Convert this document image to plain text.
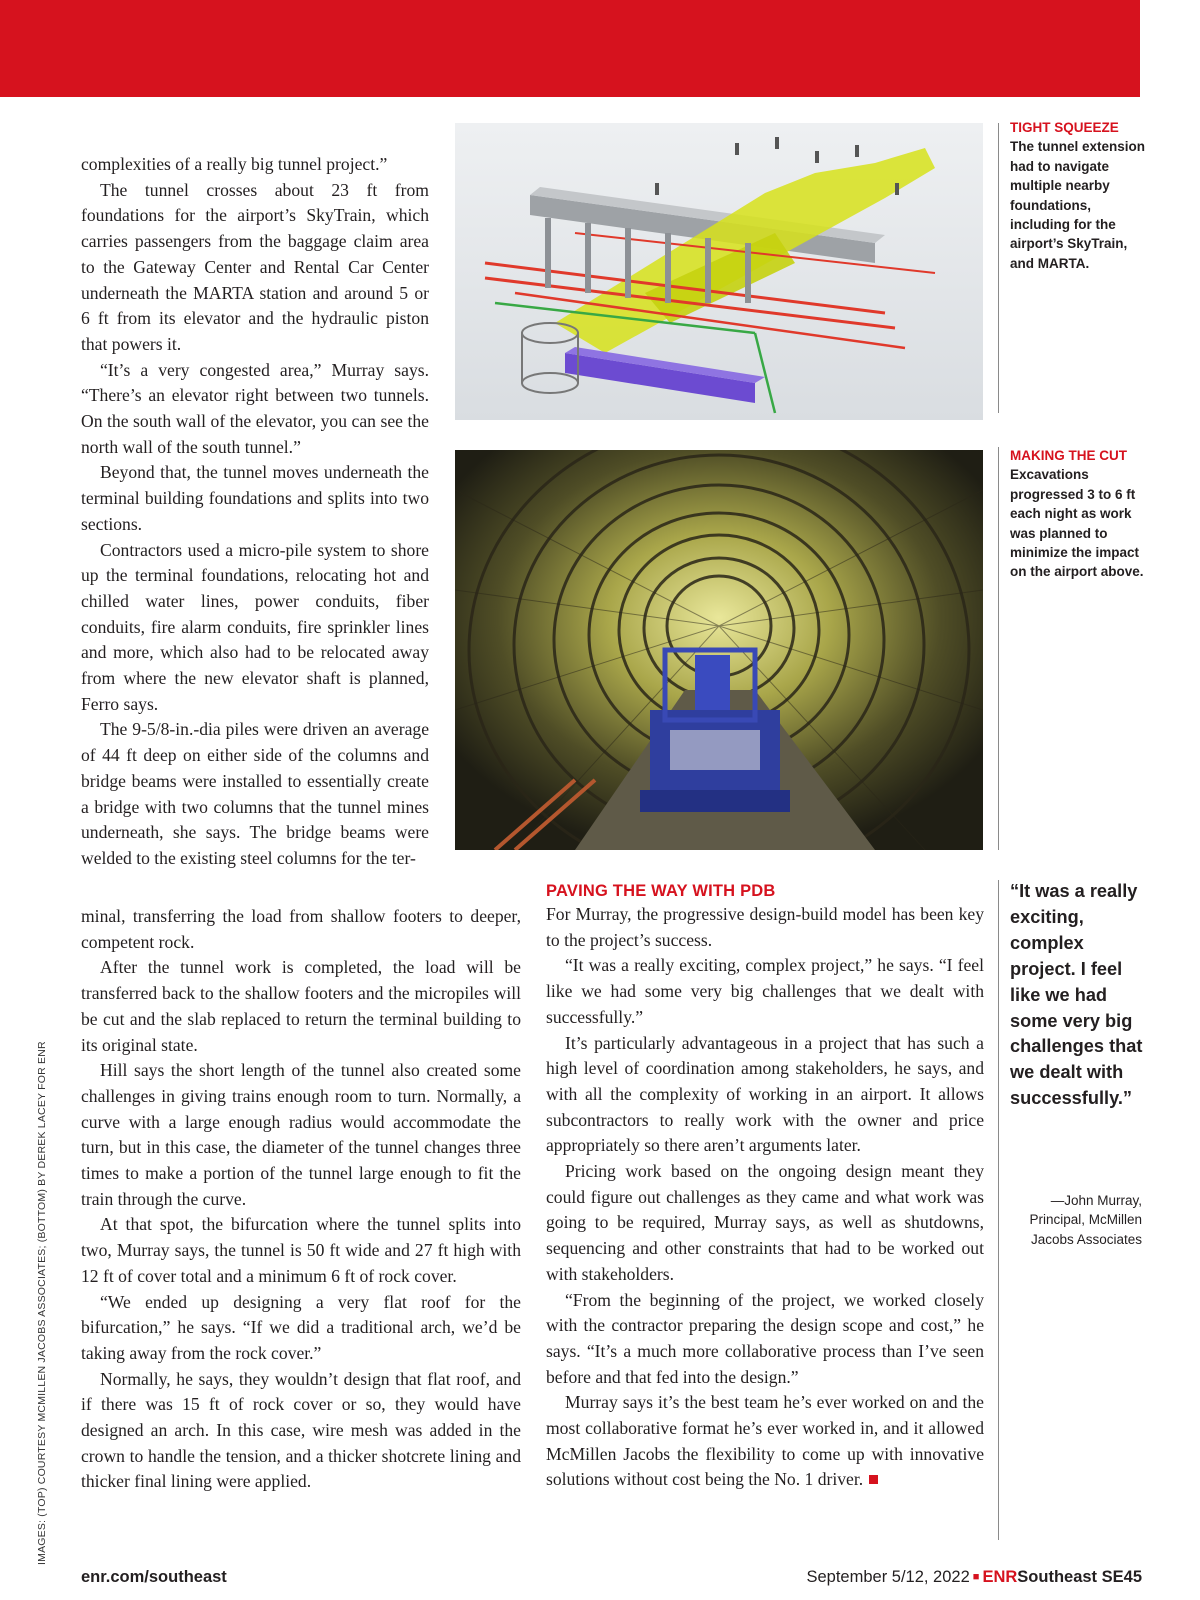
complexities of a really big tunnel project.”

The tunnel crosses about 23 ft from foundations for the airport’s SkyTrain, which carries passengers from the baggage claim area to the Gateway Center and Rental Car Center underneath the MARTA station and around 5 or 6 ft from its elevator and the hydraulic piston that powers it.

“It’s a very congested area,” Murray says. “There’s an elevator right between two tunnels. On the south wall of the elevator, you can see the north wall of the south tunnel.”

Beyond that, the tunnel moves underneath the terminal building foundations and splits into two sections.

Contractors used a micro-pile system to shore up the terminal foundations, relocating hot and chilled water lines, power conduits, fiber conduits, fire alarm conduits, fire sprinkler lines and more, which also had to be relocated away from where the new elevator shaft is planned, Ferro says.

The 9-5/8-in.-dia piles were driven an average of 44 ft deep on either side of the columns and bridge beams were installed to essentially create a bridge with two columns that the tunnel mines underneath, she says. The bridge beams were welded to the existing steel columns for the ter-

minal, transferring the load from shallow footers to deeper, competent rock.

After the tunnel work is completed, the load will be transferred back to the shallow footers and the micropiles will be cut and the slab replaced to return the terminal building to its original state.

Hill says the short length of the tunnel also created some challenges in giving trains enough room to turn. Normally, a curve with a large enough radius would accommodate the turn, but in this case, the diameter of the tunnel changes three times to make a portion of the tunnel large enough to fit the train through the curve.

At that spot, the bifurcation where the tunnel splits into two, Murray says, the tunnel is 50 ft wide and 27 ft high with 12 ft of cover total and a minimum 6 ft of rock cover.

“We ended up designing a very flat roof for the bifurcation,” he says. “If we did a traditional arch, we’d be taking away from the rock cover.”

Normally, he says, they wouldn’t design that flat roof, and if there was 15 ft of rock cover or so, they would have designed an arch. In this case, wire mesh was added in the crown to handle the tension, and a thicker shotcrete lining and thicker final lining were applied.

PAVING THE WAY WITH PDB

For Murray, the progressive design-build model has been key to the project’s success.

“It was a really exciting, complex project,” he says. “I feel like we had some very big challenges that we dealt with successfully.”

It’s particularly advantageous in a project that has such a high level of coordination among stakeholders, he says, and with all the complexity of working in an airport. It allows subcontractors to really work with the owner and price appropriately so there aren’t arguments later.

Pricing work based on the ongoing design meant they could figure out challenges as they came and what work was going to be required, Murray says, as well as shutdowns, sequencing and other constraints that had to be worked out with stakeholders.

“From the beginning of the project, we worked closely with the contractor preparing the design scope and cost,” he says. “It’s a much more collaborative process than I’ve seen before and that fed into the design.”

Murray says it’s the best team he’s ever worked on and the most collaborative format he’s ever worked in, and it allowed McMillen Jacobs the flexibility to come up with innovative solutions without cost being the No. 1 driver.

TIGHT SQUEEZE The tunnel extension had to navigate multiple nearby foundations, including for the airport’s SkyTrain, and MARTA.
MAKING THE CUT Excavations progressed 3 to 6 ft each night as work was planned to minimize the impact on the airport above.
“It was a really exciting, complex project. I feel like we had some very big challenges that we dealt with successfully.”
—John Murray, Principal, McMillen Jacobs Associates
IMAGES: (TOP) COURTESY MCMILLEN JACOBS ASSOCIATES; (BOTTOM) BY DEREK LACEY FOR ENR
enr.com/southeast	September 5/12, 2022 ■ ENRSoutheast SE45
